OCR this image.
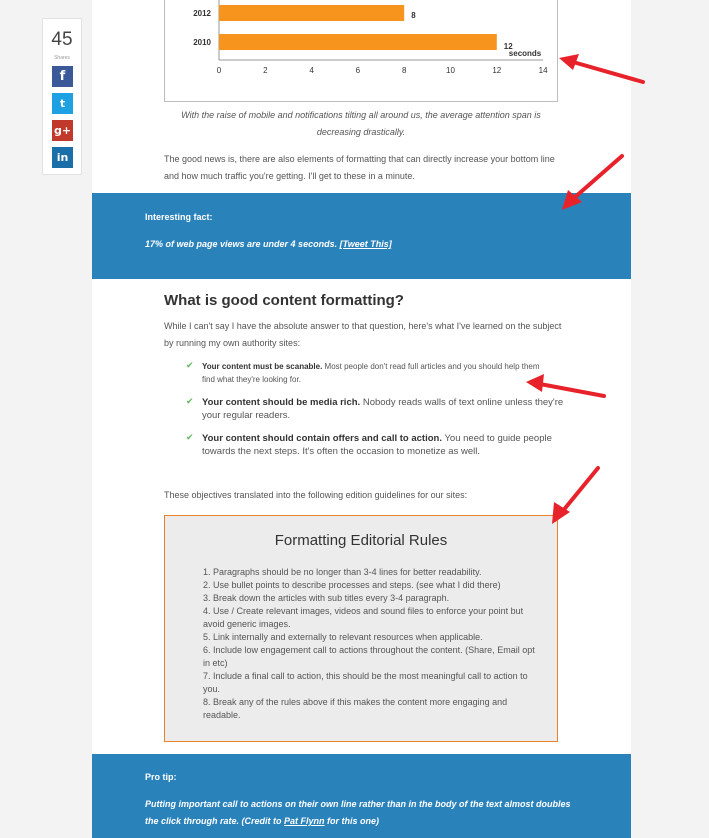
45
Shares
f
t
g+
in
2012	8
2010	12
0	2	4	6	8	10	12	14
seconds
With the raise of mobile and notifications tilting all around us, the average attention span is decreasing drastically.

The good news is, there are also elements of formatting that can directly increase your bottom line and how much traffic you're getting. I'll get to these in a minute.

Interesting fact:
17% of web page views are under 4 seconds. [Tweet This]
What is good content formatting?

While I can't say I have the absolute answer to that question, here's what I've learned on the subject by running my own authority sites:

✔ Your content must be scanable. Most people don't read full articles and you should help them find what they're looking for.
✔ Your content should be media rich. Nobody reads walls of text online unless they're your regular readers.
✔ Your content should contain offers and call to action. You need to guide people towards the next steps. It's often the occasion to monetize as well.

These objectives translated into the following edition guidelines for our sites:

Formatting Editorial Rules
1. Paragraphs should be no longer than 3-4 lines for better readability.
2. Use bullet points to describe processes and steps. (see what I did there)
3. Break down the articles with sub titles every 3-4 paragraph.
4. Use / Create relevant images, videos and sound files to enforce your point but avoid generic images.
5. Link internally and externally to relevant resources when applicable.
6. Include low engagement call to actions throughout the content. (Share, Email opt in etc)
7. Include a final call to action, this should be the most meaningful call to action to you.
8. Break any of the rules above if this makes the content more engaging and readable.
Pro tip:
Putting important call to actions on their own line rather than in the body of the text almost doubles the click through rate. (Credit to Pat Flynn for this one)
